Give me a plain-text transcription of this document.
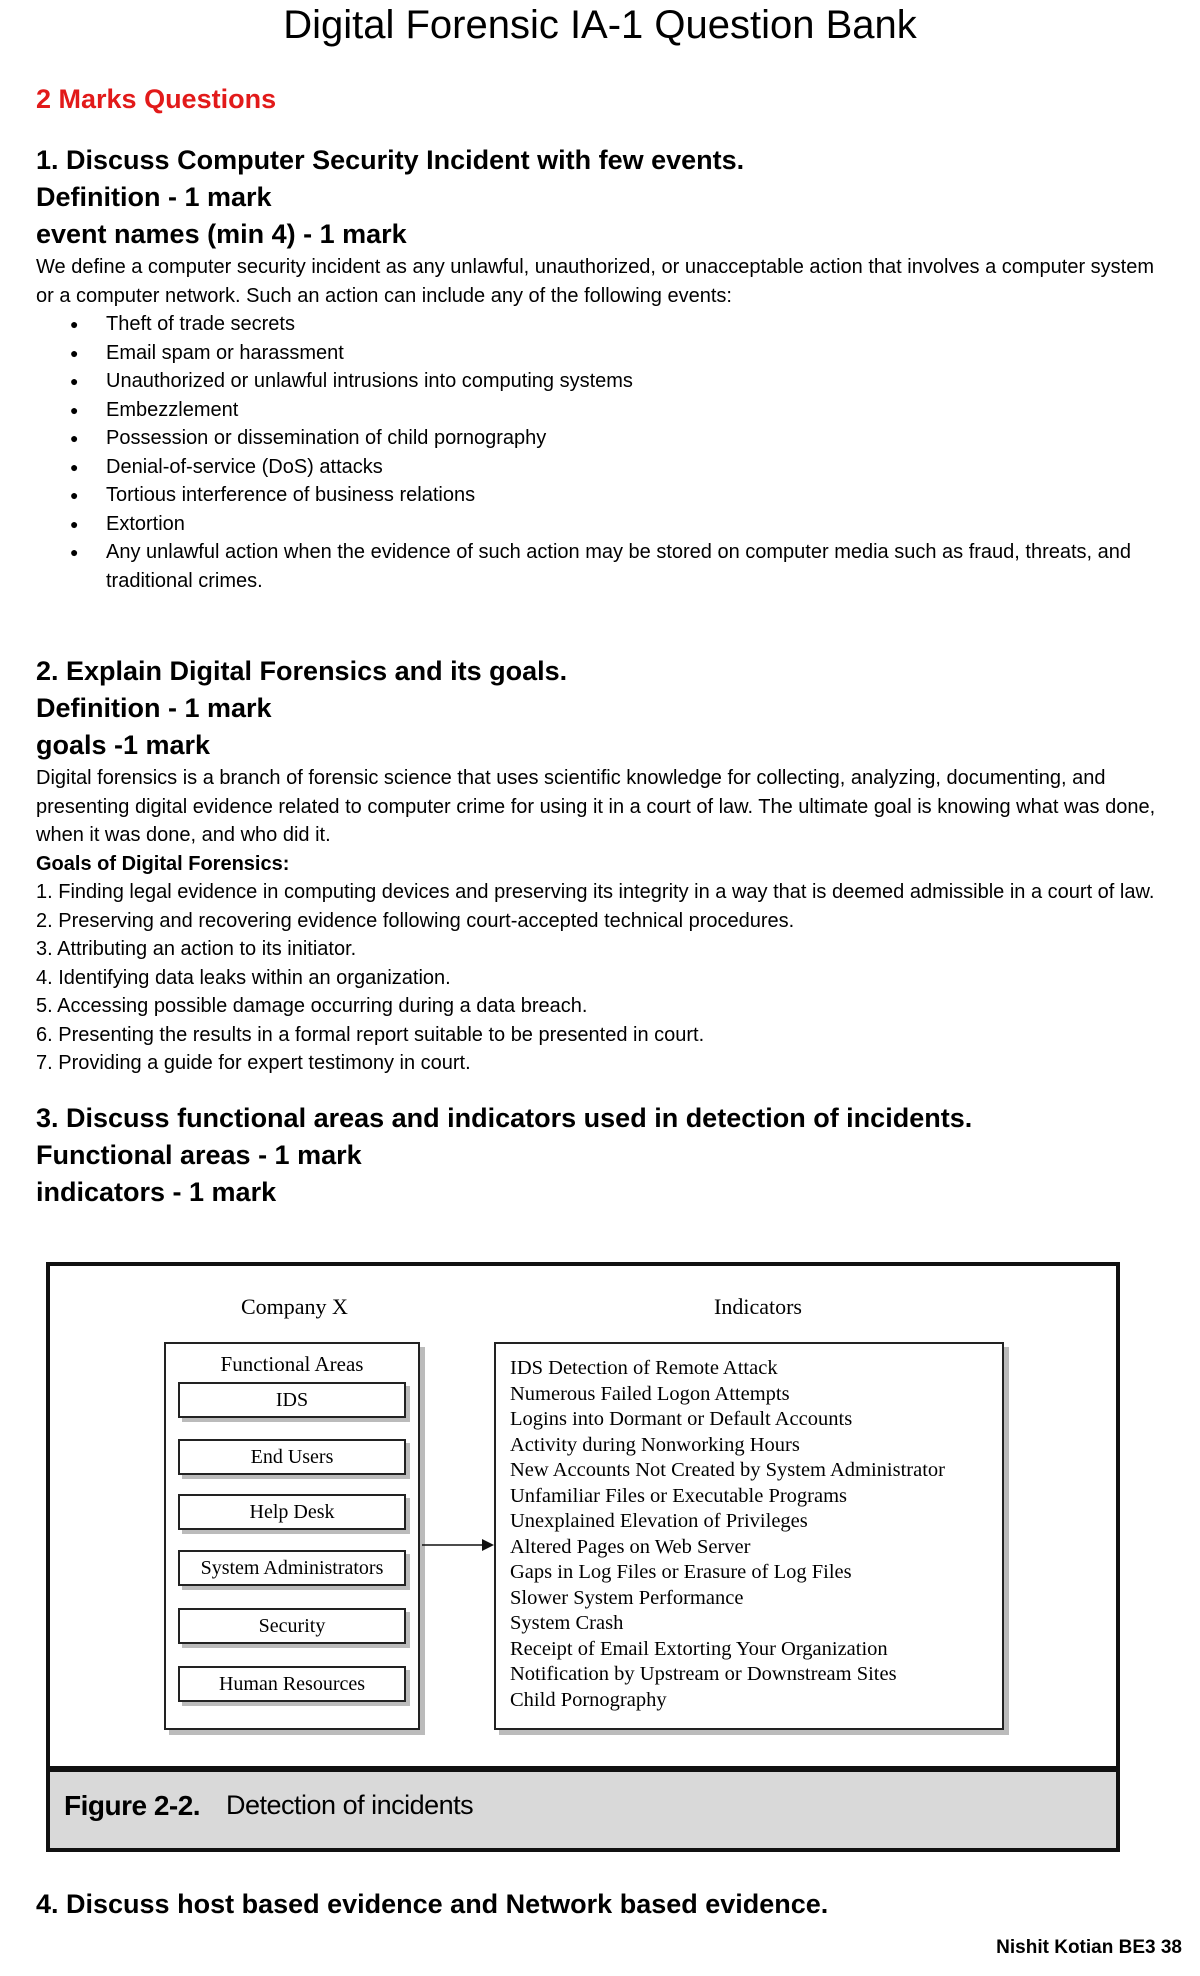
Digital Forensic IA-1 Question Bank

2 Marks Questions

1. Discuss Computer Security Incident with few events.

Definition - 1 mark

event names (min 4) - 1 mark

We define a computer security incident as any unlawful, unauthorized, or unacceptable action that involves a computer system or a computer network. Such an action can include any of the following events:

● Theft of trade secrets
● Email spam or harassment
● Unauthorized or unlawful intrusions into computing systems
● Embezzlement
● Possession or dissemination of child pornography
● Denial-of-service (DoS) attacks
● Tortious interference of business relations
● Extortion
● Any unlawful action when the evidence of such action may be stored on computer media such as fraud, threats, and traditional crimes.

2. Explain Digital Forensics and its goals.

Definition - 1 mark

goals -1 mark

Digital forensics is a branch of forensic science that uses scientific knowledge for collecting, analyzing, documenting, and presenting digital evidence related to computer crime for using it in a court of law. The ultimate goal is knowing what was done, when it was done, and who did it.

Goals of Digital Forensics:

1. Finding legal evidence in computing devices and preserving its integrity in a way that is deemed admissible in a court of law.
2. Preserving and recovering evidence following court-accepted technical procedures.
3. Attributing an action to its initiator.
4. Identifying data leaks within an organization.
5. Accessing possible damage occurring during a data breach.
6. Presenting the results in a formal report suitable to be presented in court.
7. Providing a guide for expert testimony in court.

3. Discuss functional areas and indicators used in detection of incidents.

Functional areas - 1 mark

indicators - 1 mark

Company X	Indicators
Functional Areas
IDS
End Users
Help Desk
System Administrators
Security
Human Resources
IDS Detection of Remote Attack
Numerous Failed Logon Attempts
Logins into Dormant or Default Accounts
Activity during Nonworking Hours
New Accounts Not Created by System Administrator
Unfamiliar Files or Executable Programs
Unexplained Elevation of Privileges
Altered Pages on Web Server
Gaps in Log Files or Erasure of Log Files
Slower System Performance
System Crash
Receipt of Email Extorting Your Organization
Notification by Upstream or Downstream Sites
Child Pornography
Figure 2-2. Detection of incidents
4. Discuss host based evidence and Network based evidence.
Nishit Kotian BE3 38
